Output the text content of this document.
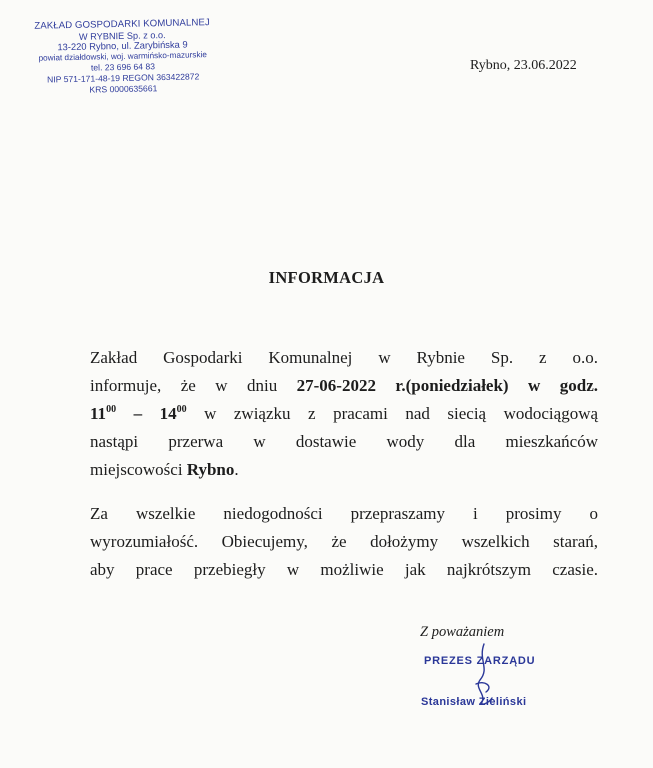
ZAKŁAD GOSPODARKI KOMUNALNEJ
W RYBNIE Sp. z o.o.
13-220 Rybno, ul. Zarybińska 9
powiat działdowski, woj. warmińsko-mazurskie
tel. 23 696 64 83
NIP 571-171-48-19 REGON 363422872
KRS 0000635661
Rybno, 23.06.2022
INFORMACJA
Zakład Gospodarki Komunalnej w Rybnie Sp. z o.o.
informuje, że w dniu 27-06-2022 r.(poniedziałek) w godz.
$11^{00} - 14^{00}$ w związku z pracami nad siecią wodociągową
nastąpi przerwa w dostawie wody dla mieszkańców
miejscowości Rybno.
Za wszelkie niedogodności przepraszamy i prosimy o
wyrozumiałość. Obiecujemy, że dołożymy wszelkich starań,
aby prace przebiegły w możliwie jak najkrótszym czasie.
Z poważaniem
PREZES ZARZĄDU
Stanisław Zieliński
